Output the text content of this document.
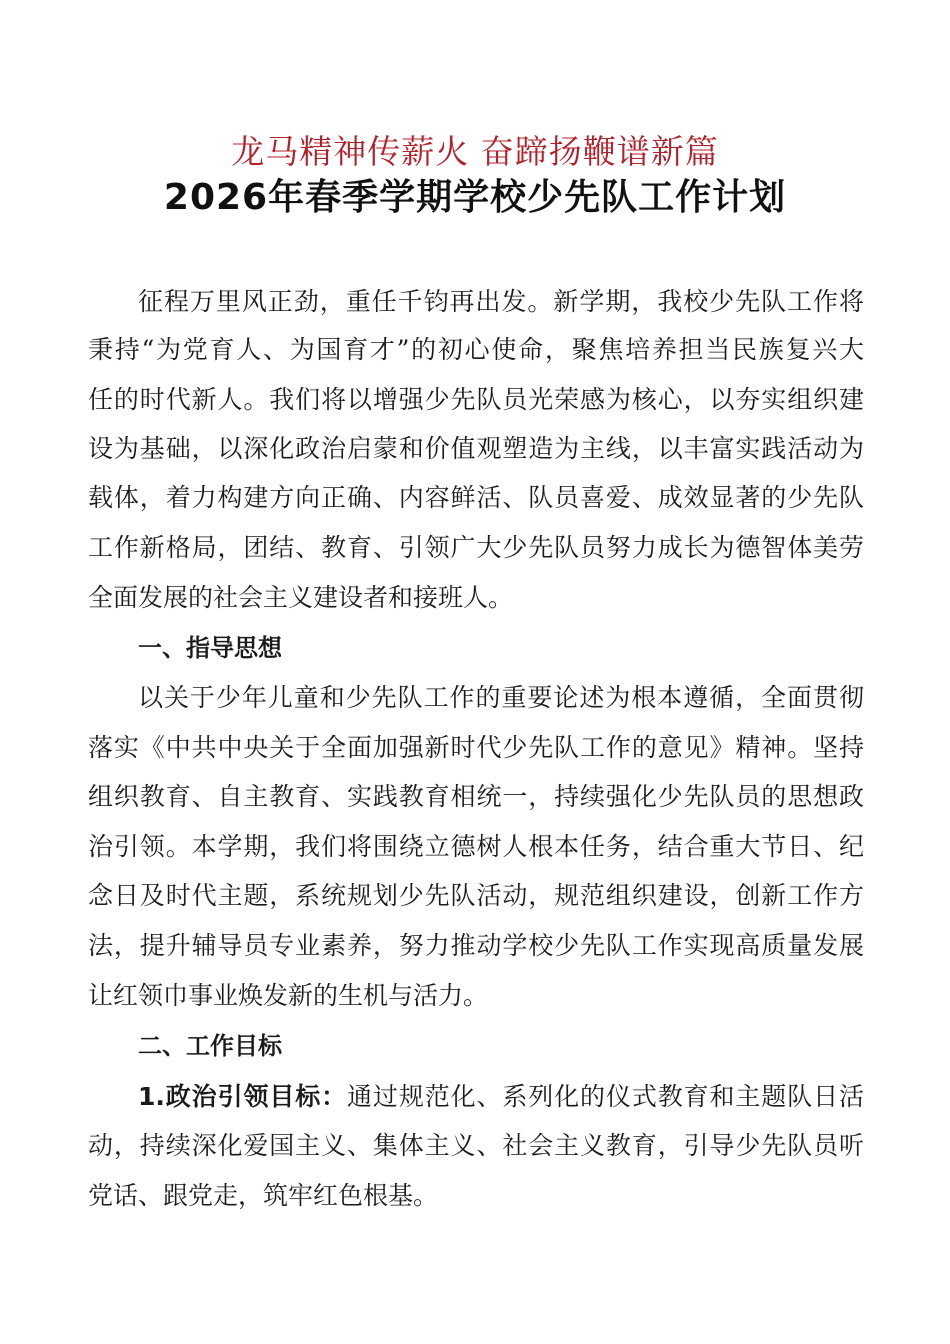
龙马精神传薪火 奋蹄扬鞭谱新篇
2026年春季学期学校少先队工作计划
征程万里风正劲，重任千钧再出发。新学期，我校少先队工作将
秉持“为党育人、为国育才”的初心使命，聚焦培养担当民族复兴大
任的时代新人。我们将以增强少先队员光荣感为核心，以夯实组织建
设为基础，以深化政治启蒙和价值观塑造为主线，以丰富实践活动为
载体，着力构建方向正确、内容鲜活、队员喜爱、成效显著的少先队
工作新格局，团结、教育、引领广大少先队员努力成长为德智体美劳
全面发展的社会主义建设者和接班人。
一、指导思想
以关于少年儿童和少先队工作的重要论述为根本遵循，全面贯彻
落实《中共中央关于全面加强新时代少先队工作的意见》精神。坚持
组织教育、自主教育、实践教育相统一，持续强化少先队员的思想政
治引领。本学期，我们将围绕立德树人根本任务，结合重大节日、纪
念日及时代主题，系统规划少先队活动，规范组织建设，创新工作方
法，提升辅导员专业素养，努力推动学校少先队工作实现高质量发展
让红领巾事业焕发新的生机与活力。
二、工作目标
1.政治引领目标：通过规范化、系列化的仪式教育和主题队日活
动，持续深化爱国主义、集体主义、社会主义教育，引导少先队员听
党话、跟党走，筑牢红色根基。
